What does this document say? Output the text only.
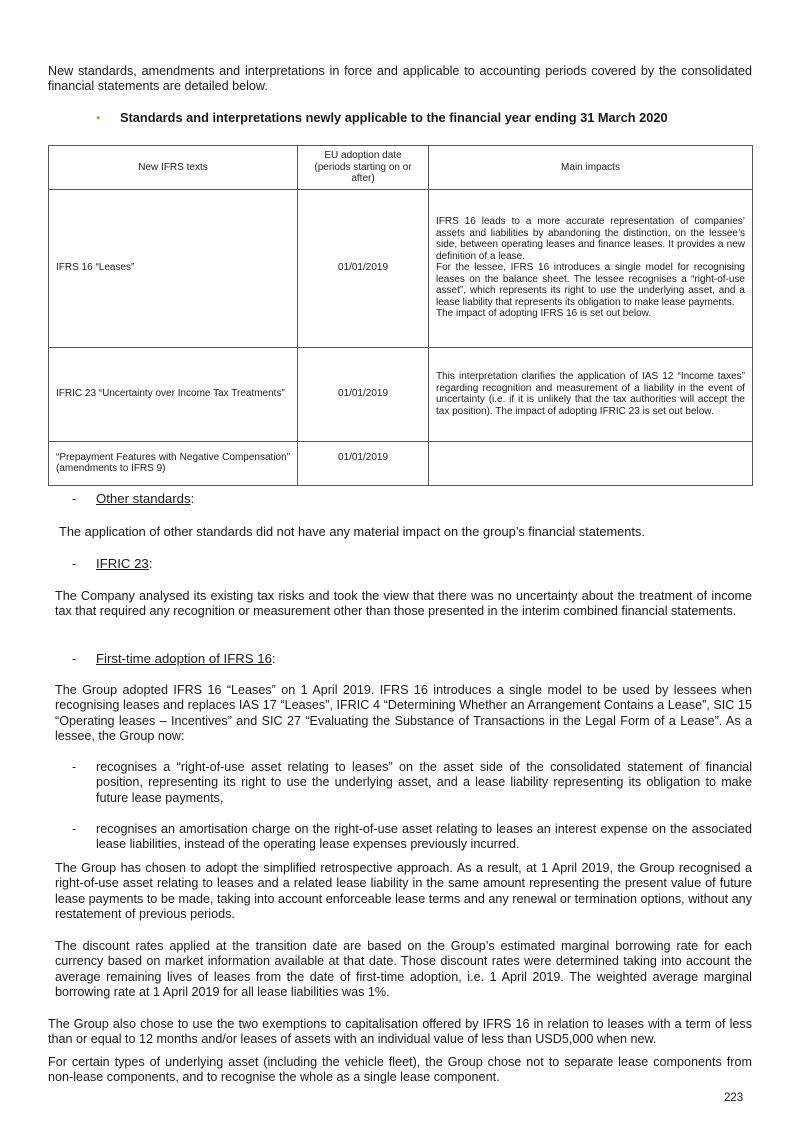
New standards, amendments and interpretations in force and applicable to accounting periods covered by the consolidated financial statements are detailed below.

• Standards and interpretations newly applicable to the financial year ending 31 March 2020

New IFRS texts	EU adoption date (periods starting on or after)	Main impacts
IFRS 16 “Leases”	01/01/2019	IFRS 16 leads to a more accurate representation of companies’ assets and liabilities by abandoning the distinction, on the lessee’s side, between operating leases and finance leases. It provides a new definition of a lease.
For the lessee, IFRS 16 introduces a single model for recognising leases on the balance sheet. The lessee recognises a “right-of-use asset”, which represents its right to use the underlying asset, and a lease liability that represents its obligation to make lease payments.
The impact of adopting IFRS 16 is set out below.
IFRIC 23 “Uncertainty over Income Tax Treatments”	01/01/2019	This interpretation clarifies the application of IAS 12 “Income taxes” regarding recognition and measurement of a liability in the event of uncertainty (i.e. if it is unlikely that the tax authorities will accept the tax position). The impact of adopting IFRIC 23 is set out below.
“Prepayment Features with Negative Compensation” (amendments to IFRS 9)	01/01/2019	

- Other standards:

The application of other standards did not have any material impact on the group’s financial statements.

- IFRIC 23:

The Company analysed its existing tax risks and took the view that there was no uncertainty about the treatment of income tax that required any recognition or measurement other than those presented in the interim combined financial statements.

- First-time adoption of IFRS 16:

The Group adopted IFRS 16 “Leases” on 1 April 2019. IFRS 16 introduces a single model to be used by lessees when recognising leases and replaces IAS 17 “Leases”, IFRIC 4 “Determining Whether an Arrangement Contains a Lease”, SIC 15 “Operating leases – Incentives” and SIC 27 “Evaluating the Substance of Transactions in the Legal Form of a Lease”. As a lessee, the Group now:

- recognises a “right-of-use asset relating to leases” on the asset side of the consolidated statement of financial position, representing its right to use the underlying asset, and a lease liability representing its obligation to make future lease payments,
- recognises an amortisation charge on the right-of-use asset relating to leases an interest expense on the associated lease liabilities, instead of the operating lease expenses previously incurred.

The Group has chosen to adopt the simplified retrospective approach. As a result, at 1 April 2019, the Group recognised a right-of-use asset relating to leases and a related lease liability in the same amount representing the present value of future lease payments to be made, taking into account enforceable lease terms and any renewal or termination options, without any restatement of previous periods.

The discount rates applied at the transition date are based on the Group’s estimated marginal borrowing rate for each currency based on market information available at that date. Those discount rates were determined taking into account the average remaining lives of leases from the date of first-time adoption, i.e. 1 April 2019. The weighted average marginal borrowing rate at 1 April 2019 for all lease liabilities was 1%.

The Group also chose to use the two exemptions to capitalisation offered by IFRS 16 in relation to leases with a term of less than or equal to 12 months and/or leases of assets with an individual value of less than USD5,000 when new.

For certain types of underlying asset (including the vehicle fleet), the Group chose not to separate lease components from non-lease components, and to recognise the whole as a single lease component.

223
